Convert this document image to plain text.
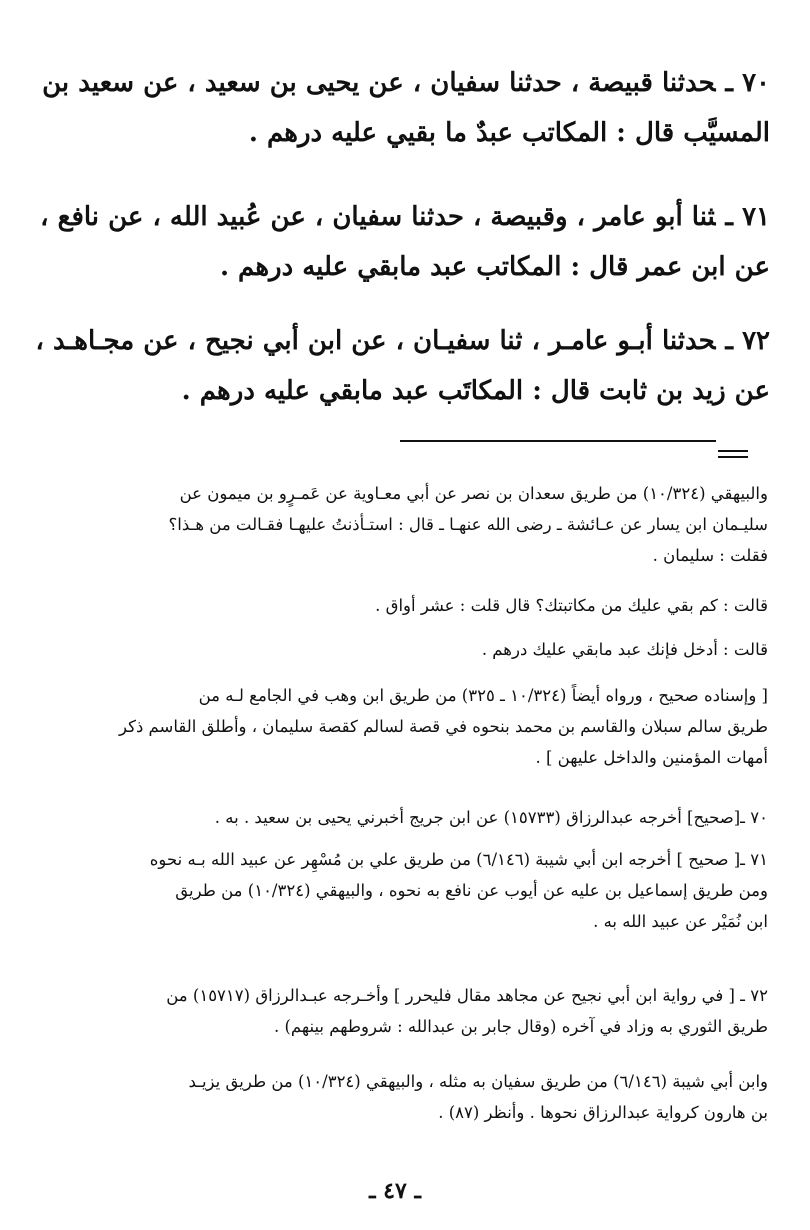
٧٠ ـحدثنا قبيصة ، حدثنا سفيان ، عن يحيى بن سعيد ، عن سعيد بن
المسيَّب قال : المكاتب عبدٌ ما بقيي عليه درهم .
٧١ ـثنا أبو عامر ، وقبيصة ، حدثنا سفيان ، عن عُبيد الله ، عن نافع ،
عن ابن عمر قال : المكاتب عبد مابقي عليه درهم .
٧٢ ـحدثنا أبـو عامـر ، ثنا سفيـان ، عن ابن أبي نجيح ، عن مجـاهـد ،
عن زيد بن ثابت قال : المكاتَب عبد مابقي عليه درهم .
والبيهقي (١٠/٣٢٤) من طريق سعدان بن نصر عن أبي معـاوية عن عَمـرٍو بن ميمون عن
سليـمان ابن يسار عن عـائشة ـ رضى الله عنهـا ـ قال : استـأذنتُ عليهـا فقـالت من هـذا؟
فقلت : سليمان .
قالت : كم بقي عليك من مكاتبتك؟ قال قلت : عشر أواق .
قالت : أدخل فإنك عبد مابقي عليك درهم .
[ وإسناده صحيح ، ورواه أيضاً (١٠/٣٢٤ ـ ٣٢٥) من طريق ابن وهب في الجامع لـه من
طريق سالم سبلان والقاسم بن محمد بنحوه في قصة لسالم كقصة سليمان ، وأطلق القاسم ذكر
أمهات المؤمنين والداخل عليهن ] .
٧٠ ـ[صحيح] أخرجه عبدالرزاق (١٥٧٣٣) عن ابن جريج أخبرني يحيى بن سعيد . به .
٧١ ـ[ صحيح ] أخرجه ابن أبي شيبة (٦/١٤٦) من طريق علي بن مُسْهِر عن عبيد الله بـه نحوه
ومن طريق إسماعيل بن عليه عن أيوب عن نافع به نحوه ، والبيهقي (١٠/٣٢٤) من طريق
ابن نُمَيْر عن عبيد الله به .
٧٢ ـ [ في رواية ابن أبي نجيح عن مجاهد مقال فليحرر ] وأخـرجه عبـدالرزاق (١٥٧١٧) من
طريق الثوري به وزاد في آخره (وقال جابر بن عبدالله : شروطهم بينهم) .
وابن أبي شيبة (٦/١٤٦) من طريق سفيان به مثله ، والبيهقي (١٠/٣٢٤) من طريق يزيـد
بن هارون كرواية عبدالرزاق نحوها . وأنظر (٨٧) .
ـ ٤٧ ـ
